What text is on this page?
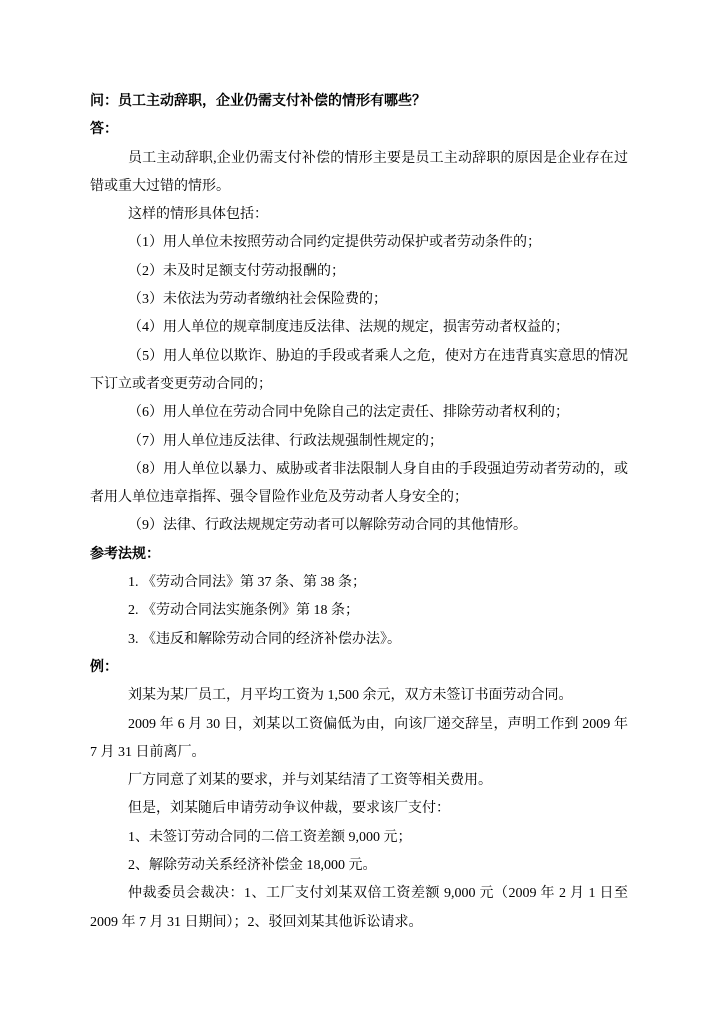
问：员工主动辞职，企业仍需支付补偿的情形有哪些？

答：

员工主动辞职,企业仍需支付补偿的情形主要是员工主动辞职的原因是企业存在过错或重大过错的情形。

这样的情形具体包括：

（1）用人单位未按照劳动合同约定提供劳动保护或者劳动条件的；

（2）未及时足额支付劳动报酬的；

（3）未依法为劳动者缴纳社会保险费的；

（4）用人单位的规章制度违反法律、法规的规定，损害劳动者权益的；

（5）用人单位以欺诈、胁迫的手段或者乘人之危，使对方在违背真实意思的情况下订立或者变更劳动合同的；

（6）用人单位在劳动合同中免除自己的法定责任、排除劳动者权利的；

（7）用人单位违反法律、行政法规强制性规定的；

（8）用人单位以暴力、威胁或者非法限制人身自由的手段强迫劳动者劳动的，或者用人单位违章指挥、强令冒险作业危及劳动者人身安全的；

（9）法律、行政法规规定劳动者可以解除劳动合同的其他情形。

参考法规：

1. 《劳动合同法》第 37 条、第 38 条；

2. 《劳动合同法实施条例》第 18 条；

3. 《违反和解除劳动合同的经济补偿办法》。

例：

刘某为某厂员工，月平均工资为 1,500 余元，双方未签订书面劳动合同。

2009 年 6 月 30 日，刘某以工资偏低为由，向该厂递交辞呈，声明工作到 2009 年 7 月 31 日前离厂。

厂方同意了刘某的要求，并与刘某结清了工资等相关费用。

但是，刘某随后申请劳动争议仲裁，要求该厂支付：

1、未签订劳动合同的二倍工资差额 9,000 元；

2、解除劳动关系经济补偿金 18,000 元。

仲裁委员会裁决：1、工厂支付刘某双倍工资差额 9,000 元（2009 年 2 月 1 日至 2009 年 7 月 31 日期间）；2、驳回刘某其他诉讼请求。
